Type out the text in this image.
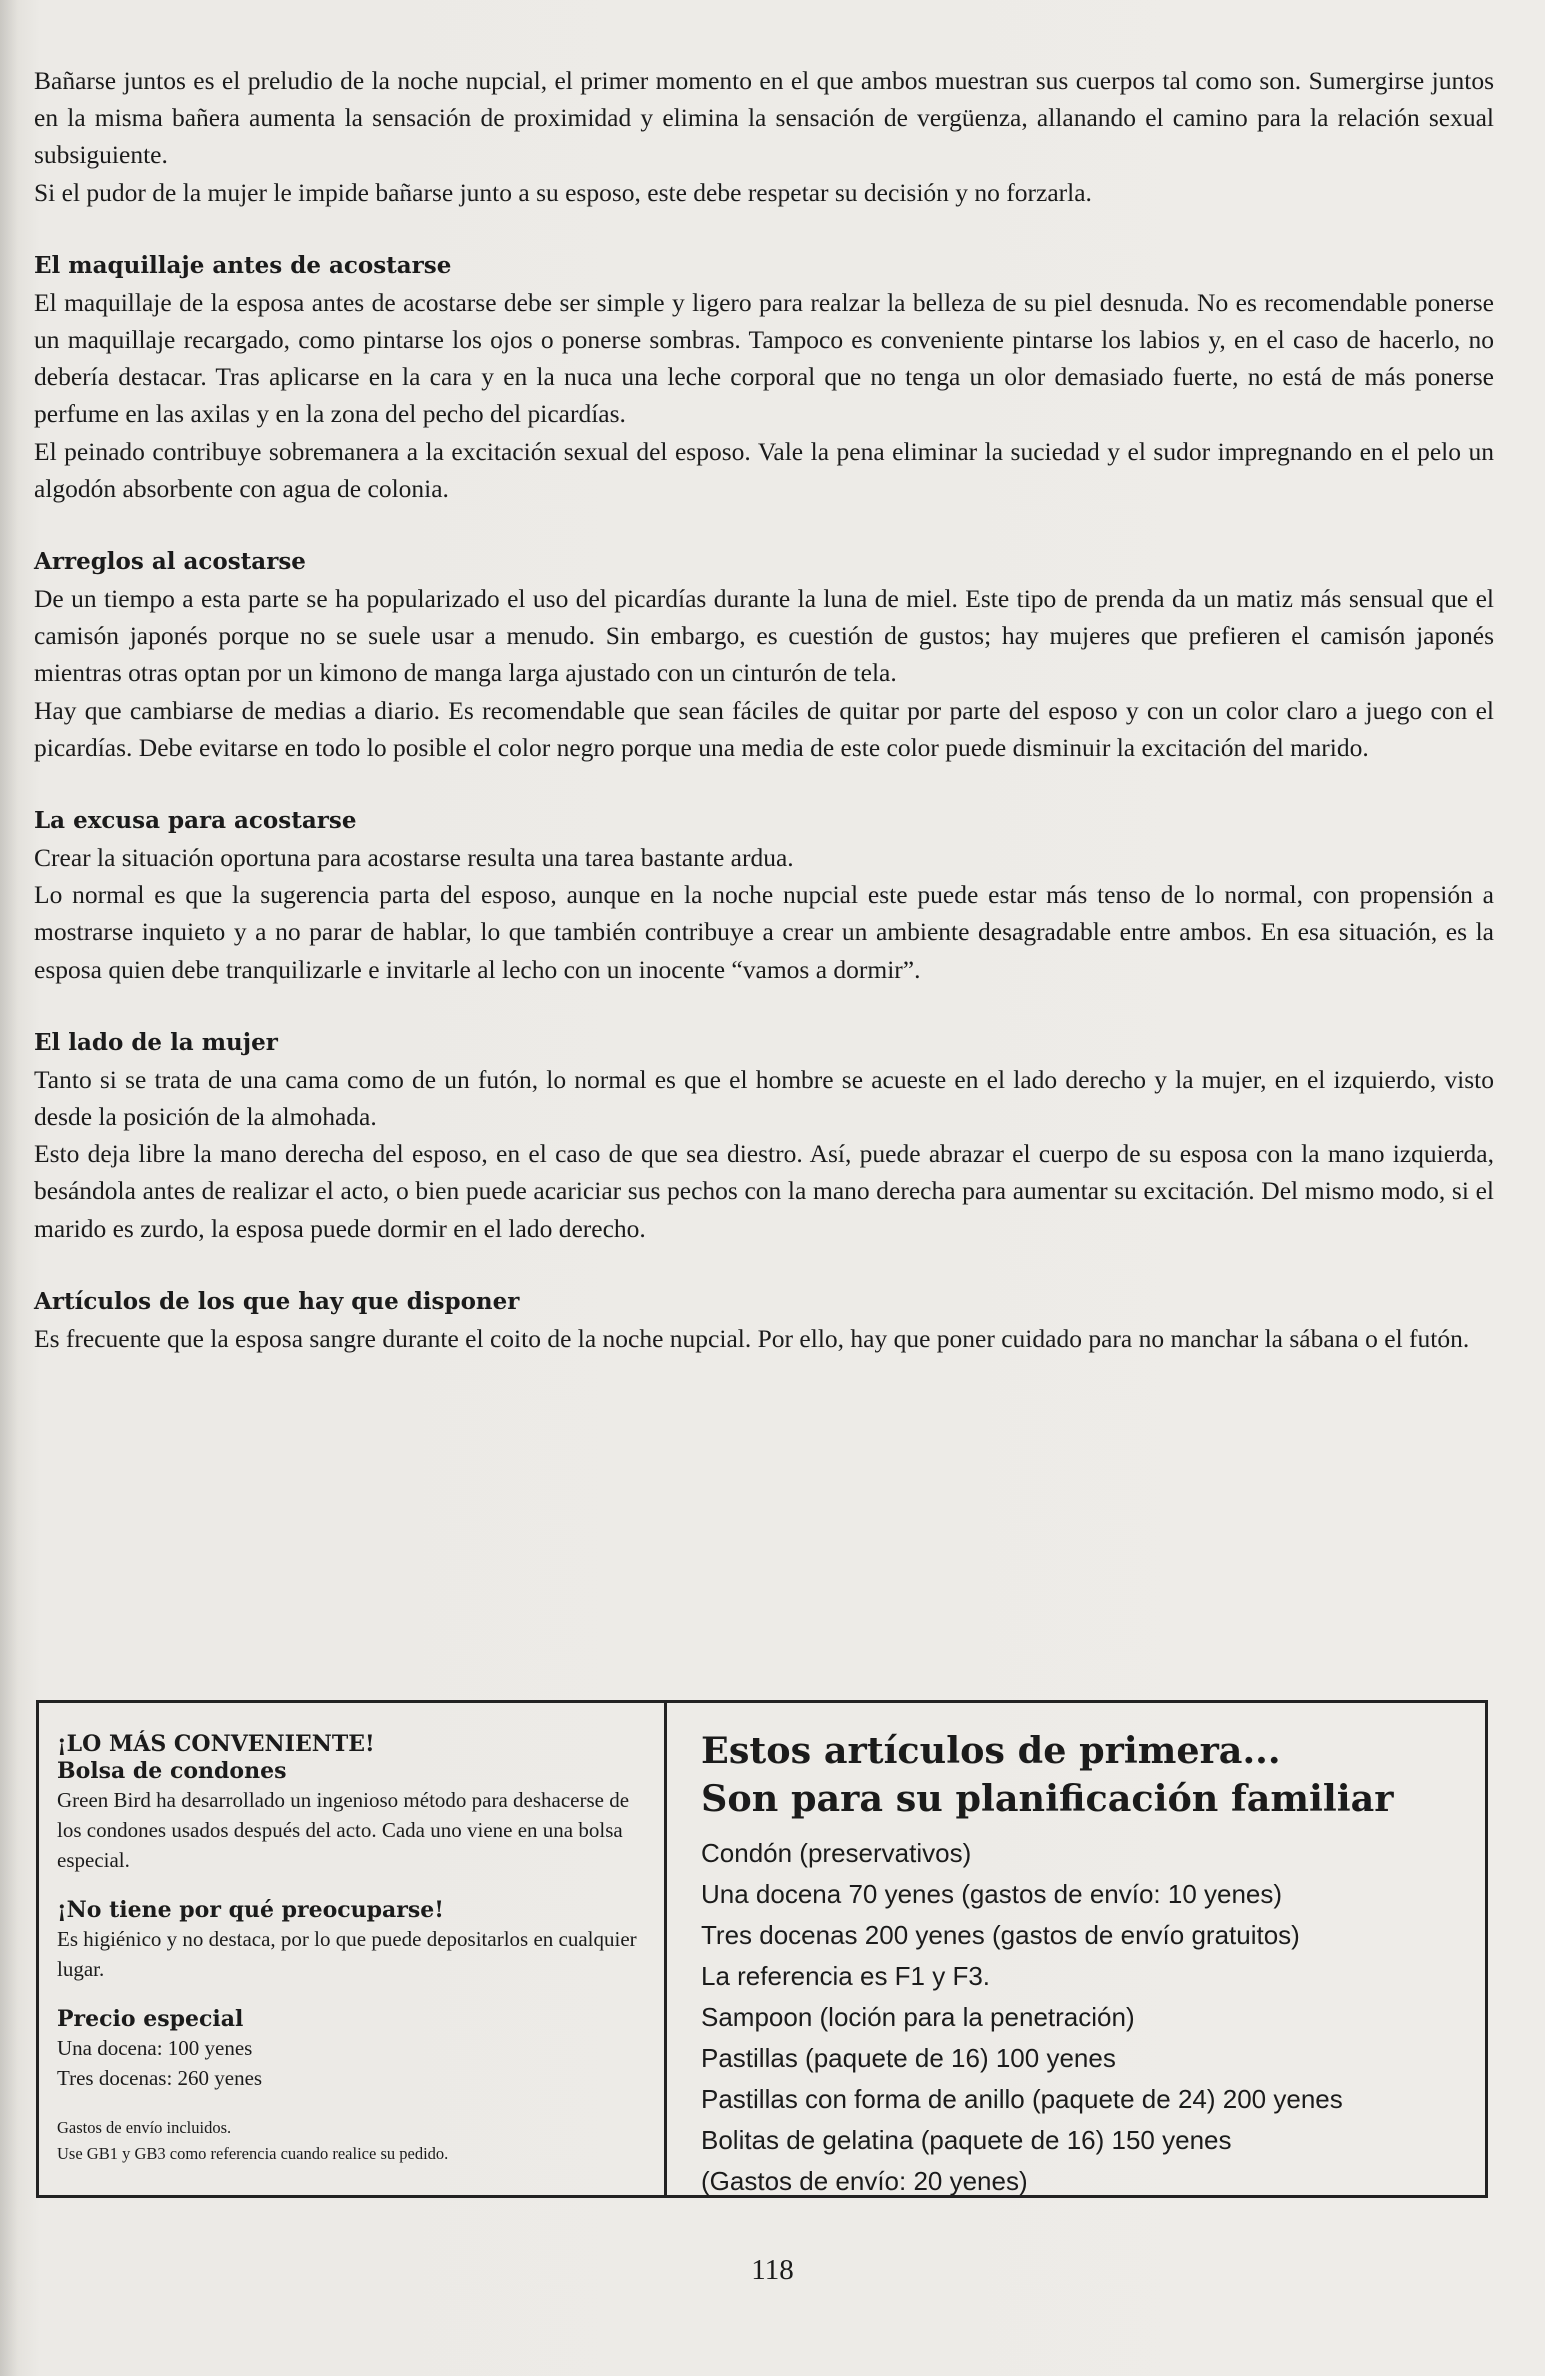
Bañarse juntos es el preludio de la noche nupcial, el primer momento en el que ambos muestran sus cuerpos tal como son. Sumergirse juntos en la misma bañera aumenta la sensación de proximidad y elimina la sensación de vergüenza, allanando el camino para la relación sexual subsiguiente.

Si el pudor de la mujer le impide bañarse junto a su esposo, este debe respetar su decisión y no forzarla.

El maquillaje antes de acostarse

El maquillaje de la esposa antes de acostarse debe ser simple y ligero para realzar la belleza de su piel desnuda. No es recomendable ponerse un maquillaje recargado, como pintarse los ojos o ponerse sombras. Tampoco es conveniente pintarse los labios y, en el caso de hacerlo, no debería destacar. Tras aplicarse en la cara y en la nuca una leche corporal que no tenga un olor demasiado fuerte, no está de más ponerse perfume en las axilas y en la zona del pecho del picardías.

El peinado contribuye sobremanera a la excitación sexual del esposo. Vale la pena eliminar la suciedad y el sudor impregnando en el pelo un algodón absorbente con agua de colonia.

Arreglos al acostarse

De un tiempo a esta parte se ha popularizado el uso del picardías durante la luna de miel. Este tipo de prenda da un matiz más sensual que el camisón japonés porque no se suele usar a menudo. Sin embargo, es cuestión de gustos; hay mujeres que prefieren el camisón japonés mientras otras optan por un kimono de manga larga ajustado con un cinturón de tela.

Hay que cambiarse de medias a diario. Es recomendable que sean fáciles de quitar por parte del esposo y con un color claro a juego con el picardías. Debe evitarse en todo lo posible el color negro porque una media de este color puede disminuir la excitación del marido.

La excusa para acostarse

Crear la situación oportuna para acostarse resulta una tarea bastante ardua.

Lo normal es que la sugerencia parta del esposo, aunque en la noche nupcial este puede estar más tenso de lo normal, con propensión a mostrarse inquieto y a no parar de hablar, lo que también contribuye a crear un ambiente desagradable entre ambos. En esa situación, es la esposa quien debe tranquilizarle e invitarle al lecho con un inocente “vamos a dormir”.

El lado de la mujer

Tanto si se trata de una cama como de un futón, lo normal es que el hombre se acueste en el lado derecho y la mujer, en el izquierdo, visto desde la posición de la almohada.

Esto deja libre la mano derecha del esposo, en el caso de que sea diestro. Así, puede abrazar el cuerpo de su esposa con la mano izquierda, besándola antes de realizar el acto, o bien puede acariciar sus pechos con la mano derecha para aumentar su excitación. Del mismo modo, si el marido es zurdo, la esposa puede dormir en el lado derecho.

Artículos de los que hay que disponer

Es frecuente que la esposa sangre durante el coito de la noche nupcial. Por ello, hay que poner cuidado para no manchar la sábana o el futón.

¡LO MÁS CONVENIENTE!

Bolsa de condones

Green Bird ha desarrollado un ingenioso método para deshacerse de los condones usados después del acto. Cada uno viene en una bolsa especial.

¡No tiene por qué preocuparse!

Es higiénico y no destaca, por lo que puede depositarlos en cualquier lugar.

Precio especial

Una docena: 100 yenes

Tres docenas: 260 yenes

Gastos de envío incluidos.

Use GB1 y GB3 como referencia cuando realice su pedido.

Estos artículos de primera...

Son para su planificación familiar

Condón (preservativos)
Una docena 70 yenes (gastos de envío: 10 yenes)
Tres docenas 200 yenes (gastos de envío gratuitos)
La referencia es F1 y F3.
Sampoon (loción para la penetración)
Pastillas (paquete de 16) 100 yenes
Pastillas con forma de anillo (paquete de 24) 200 yenes
Bolitas de gelatina (paquete de 16) 150 yenes
(Gastos de envío: 20 yenes)
118
